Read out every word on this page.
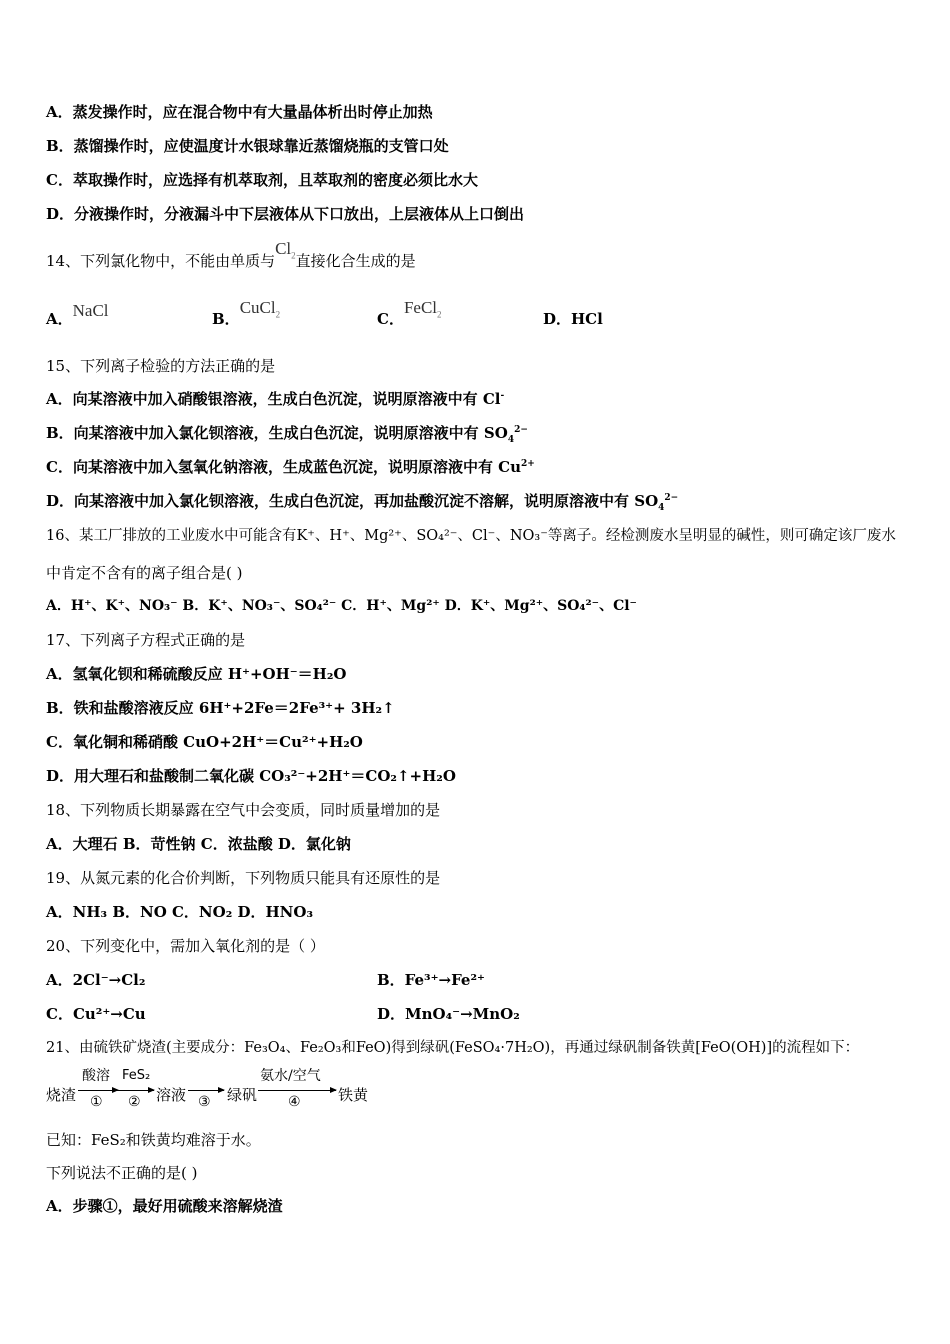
A．蒸发操作时，应在混合物中有大量晶体析出时停止加热
B．蒸馏操作时，应使温度计水银球靠近蒸馏烧瓶的支管口处
C．萃取操作时，应选择有机萃取剂，且萃取剂的密度必须比水大
D．分液操作时，分液漏斗中下层液体从下口放出，上层液体从上口倒出
14、下列氯化物中，不能由单质与$Cl_2$直接化合生成的是
A．NaCl	B．CuCl$_2$	C．FeCl$_2$	D．HCl
15、下列离子检验的方法正确的是
A．向某溶液中加入硝酸银溶液，生成白色沉淀，说明原溶液中有 Cl-
B．向某溶液中加入氯化钡溶液，生成白色沉淀，说明原溶液中有 $SO_4^{2-}$
C．向某溶液中加入氢氧化钠溶液，生成蓝色沉淀，说明原溶液中有 $Cu^{2+}$
D．向某溶液中加入氯化钡溶液，生成白色沉淀，再加盐酸沉淀不溶解，说明原溶液中有 $SO_4^{2-}$
16、某工厂排放的工业废水中可能含有K⁺、H⁺、Mg²⁺、SO₄²⁻、Cl⁻、NO₃⁻等离子。经检测废水呈明显的碱性，则可确定该厂废水
中肯定不含有的离子组合是( )
A．H⁺、K⁺、NO₃⁻ B．K⁺、NO₃⁻、SO₄²⁻ C．H⁺、Mg²⁺ D．K⁺、Mg²⁺、SO₄²⁻、Cl⁻
17、下列离子方程式正确的是
A．氢氧化钡和稀硫酸反应 H⁺+OH⁻＝H₂O
B．铁和盐酸溶液反应 6H⁺+2Fe＝2Fe³⁺+ 3H₂↑
C．氧化铜和稀硝酸 CuO+2H⁺＝Cu²⁺+H₂O
D．用大理石和盐酸制二氧化碳 CO₃²⁻+2H⁺＝CO₂↑+H₂O
18、下列物质长期暴露在空气中会变质，同时质量增加的是
A．大理石 B．苛性钠 C．浓盐酸 D．氯化钠
19、从氮元素的化合价判断，下列物质只能具有还原性的是
A．NH₃ B．NO C．NO₂ D．HNO₃
20、下列变化中，需加入氧化剂的是（ ）
A．2Cl⁻→Cl₂	B．Fe³⁺→Fe²⁺
C．Cu²⁺→Cu	D．MnO₄⁻→MnO₂
21、由硫铁矿烧渣(主要成分：Fe₃O₄、Fe₂O₃和FeO)得到绿矾(FeSO₄·7H₂O)，再通过绿矾制备铁黄[FeO(OH)]的流程如下：
烧渣
酸溶
①
FeS₂
② 溶液 ③ 绿矾
氨水/空气
④ 铁黄
已知：FeS₂和铁黄均难溶于水。
下列说法不正确的是( )
A．步骤①，最好用硫酸来溶解烧渣
